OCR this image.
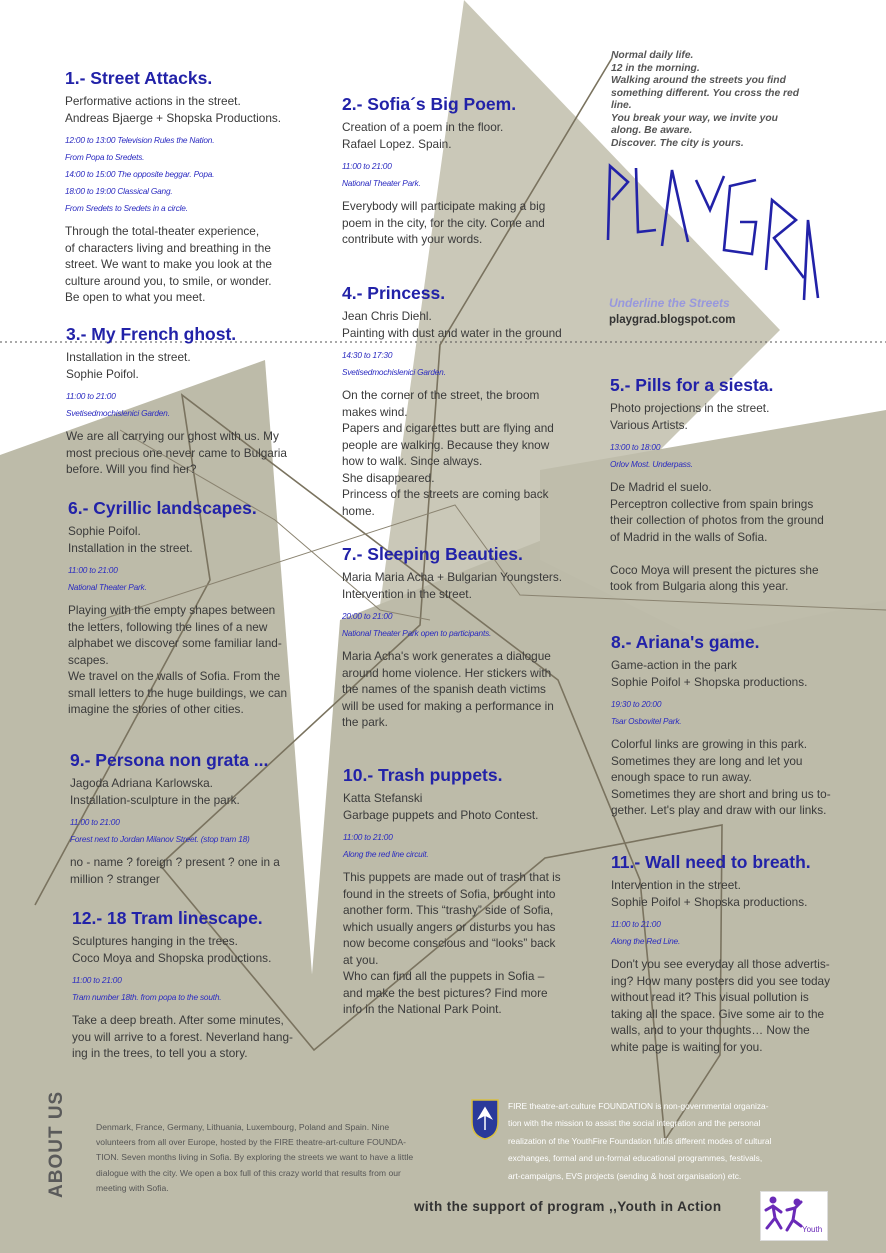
Normal daily life.
12 in the morning.
Walking around the streets you find
something different. You cross the red
line.
You break your way, we invite you
along. Be aware.
Discover. The city is yours.
Underline the Streets
playgrad.blogspot.com
1.- Street Attacks.
Performative actions in the street.
Andreas Bjaerge + Shopska Productions.
12:00 to 13:00 Television Rules the Nation.
From Popa to Sredets.
14:00 to 15:00 The opposite beggar. Popa.
18:00 to 19:00 Classical Gang.
From Sredets to Sredets in a circle.
Through the total-theater experience,
of characters living and breathing in the
street. We want to make you look at the
culture around you, to smile, or wonder.
Be open to what you meet.
2.- Sofia´s Big Poem.
Creation of a poem in the floor.
Rafael Lopez. Spain.
11:00 to 21:00
National Theater Park.
Everybody will participate making a big
poem in the city, for the city. Come and
contribute with your words.
3.- My French ghost.
Installation in the street.
Sophie Poifol.
11:00 to 21:00
Svetisedmochislenici Garden.
We are all carrying our ghost with us. My
most precious one never came to Bulgaria
before. Will you find her?
4.- Princess.
Jean Chris Diehl.
Painting with dust and water in the ground
14:30 to 17:30
Svetisedmochislenici Garden.
On the corner of the street, the broom
makes wind.
Papers and cigarettes butt are flying and
people are walking. Because they know
how to walk. Since always.
She disappeared.
Princess of the streets are coming back
home.
5.- Pills for a siesta.
Photo projections in the street.
Various Artists.
13:00 to 18:00
Orlov Most. Underpass.
De Madrid el suelo.
Perceptron collective from spain brings
their collection of photos from the ground
of Madrid in the walls of Sofia.
Coco Moya will present the pictures she
took from Bulgaria along this year.
6.- Cyrillic landscapes.
Sophie Poifol.
Installation in the street.
11:00 to 21:00
National Theater Park.
Playing with the empty shapes between
the letters, following the lines of a new
alphabet we discover some familiar land-
scapes.
We travel on the walls of Sofia. From the
small letters to the huge buildings, we can
imagine the stories of other cities.
7.- Sleeping Beauties.
Maria Maria Acha + Bulgarian Youngsters.
Intervention in the street.
20:00 to 21:00
National Theater Park open to participants.
Maria Acha's work generates a dialogue
around home violence. Her stickers with
the names of the spanish death victims
will be used for making a performance in
the park.
8.- Ariana's game.
Game-action in the park
Sophie Poifol + Shopska productions.
19:30 to 20:00
Tsar Osbovitel Park.
Colorful links are growing in this park.
Sometimes they are long and let you
enough space to run away.
Sometimes they are short and bring us to-
gether. Let's play and draw with our links.
9.- Persona non grata ...
Jagoda Adriana Karlowska.
Installation-sculpture in the park.
11:00 to 21:00
Forest next to Jordan Milanov Street. (stop tram 18)
no - name ? foreign ? present ? one in a
million ? stranger
10.- Trash puppets.
Katta Stefanski
Garbage puppets and Photo Contest.
11:00 to 21:00
Along the red line circuit.
This puppets are made out of trash that is
found in the streets of Sofia, brought into
another form. This “trashy” side of Sofia,
which usually angers or disturbs you has
now become conscious and “looks” back
at you.
Who can find all the puppets in Sofia –
and make the best pictures? Find more
info in the National Park Point.
11.- Wall need to breath.
Intervention in the street.
Sophie Poifol + Shopska productions.
11:00 to 21:00
Along the Red Line.
Don't you see everyday all those advertis-
ing? How many posters did you see today
without read it? This visual pollution is
taking all the space. Give some air to the
walls, and to your thoughts… Now the
white page is waiting for you.
12.- 18 Tram linescape.
Sculptures hanging in the trees.
Coco Moya and Shopska productions.
11:00 to 21:00
Tram number 18th. from popa to the south.
Take a deep breath. After some minutes,
you will arrive to a forest. Neverland hang-
ing in the trees, to tell you a story.
ABOUT US	Denmark, France, Germany, Lithuania, Luxembourg, Poland and Spain. Nine
volunteers from all over Europe, hosted by the FIRE theatre-art-culture FOUNDA-
TION. Seven months living in Sofia. By exploring the streets we want to have a little
dialogue with the city. We open a box full of this crazy world that results from our
meeting with Sofia.
FIRE theatre-art-culture FOUNDATION is non-governmental organiza-
tion with the mission to assist the social integration and the personal
realization of the YouthFire Foundation fulfils different modes of cultural
exchanges, formal and un-formal educational programmes, festivals,
art-campaigns, EVS projects (sending & host organisation) etc.
with the support of program ,,Youth in Action
Youth
